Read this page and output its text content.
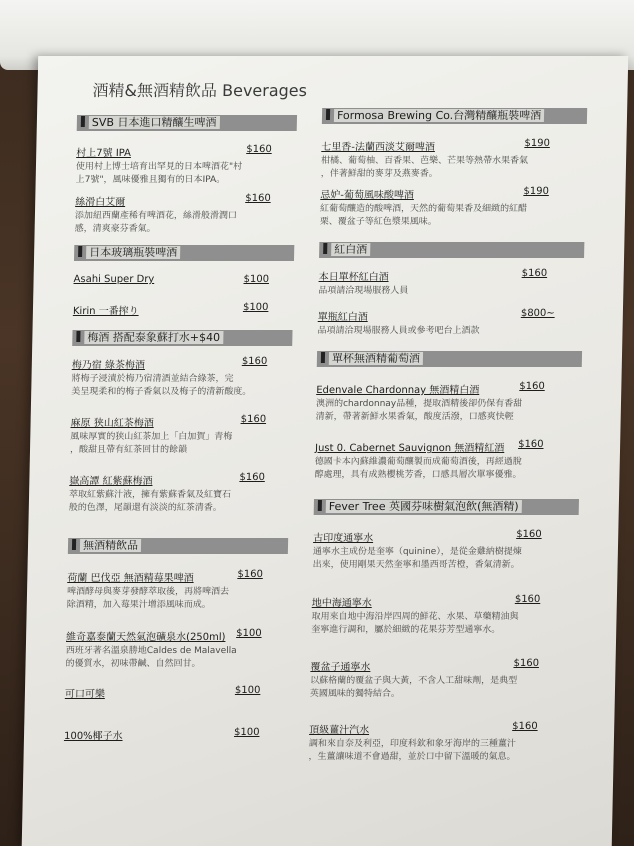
酒精&無酒精飲品 Beverages
SVB 日本進口精釀生啤酒
村上7號 IPA	$160
使用村上博士培育出罕見的日本啤酒花"村
上7號"，風味優雅且獨有的日本IPA。
絲滑白艾爾	$160
添加紐西蘭產稀有啤酒花，絲滑般滑潤口
感，清爽豪芬香氣。
日本玻璃瓶裝啤酒
Asahi Super Dry	$100
Kirin 一番搾り	$100
梅酒 搭配泰象蘇打水+$40
梅乃宿 綠茶梅酒	$160
將梅子浸漬於梅乃宿清酒並結合綠茶，完
美呈現柔和的梅子香氣以及梅子的清新酸度。
麻原 狭山紅茶梅酒	$160
風味厚實的狭山紅茶加上「白加賀」青梅
，酸甜且帶有紅茶回甘的餘韻
嶽高譚 紅紫蘇梅酒	$160
萃取紅紫蘇汁液，擁有紫蘇香氣及紅寶石
般的色澤，尾韻還有淡淡的紅茶清香。
無酒精飲品
荷蘭 巴伐亞 無酒精莓果啤酒	$160
啤酒酵母與麥芽發酵萃取後，再將啤酒去
除酒精，加入莓果汁增添風味而成。
維奇嘉泰蘭天然氣泡礦泉水(250ml) $100
西班牙著名溫泉勝地Caldes de Malavella
的優質水，初味帶鹹、自然回甘。
可口可樂	$100
100%椰子水	$100
Formosa Brewing Co.台灣精釀瓶裝啤酒
七里香-法蘭西淡艾爾啤酒	$190
柑橘、葡萄柚、百香果、芭樂、芒果等熱帶水果香氣
，伴著鮮甜的麥芽及燕麥香。
忌妒-葡萄風味酸啤酒	$190
紅葡萄釀造的酸啤酒，天然的葡萄果香及細緻的紅醋
栗、覆盆子等紅色漿果風味。
紅白酒
本日單杯紅白酒	$160
品項請洽現場服務人員
單瓶紅白酒	$800~
品項請洽現場服務人員或參考吧台上酒款
單杯無酒精葡萄酒
Edenvale Chardonnay 無酒精白酒	$160
澳洲的chardonnay品種，提取酒精後卻仍保有香甜
清新，帶著新鮮水果香氣，酸度活潑，口感爽快輕
Just 0. Cabernet Sauvignon 無酒精紅酒 $160
德國卡本內蘇維濃葡萄釀製而成葡萄酒後，再經過脫
醇處理，具有成熟櫻桃芳香，口感具層次單寧優雅。
Fever Tree 英國芬味樹氣泡飲(無酒精)
古印度通寧水	$160
通寧水主成份是奎寧（quinine），是從金雞納樹提煉
出來，使用剛果天然奎寧和墨西哥苦橙，香氣清新。
地中海通寧水	$160
取用來自地中海沿岸四周的鮮花、水果、草藥精油與
奎寧進行調和，屬於細緻的花果芬芳型通寧水。
覆盆子通寧水	$160
以蘇格蘭的覆盆子與大黃，不含人工甜味劑，是典型
英國風味的獨特結合。
頂級薑汁汽水	$160
調和來自奈及利亞，印度科欽和象牙海岸的三種薑汁
，生薑讓味道不會過甜，並於口中留下溫暖的氣息。
